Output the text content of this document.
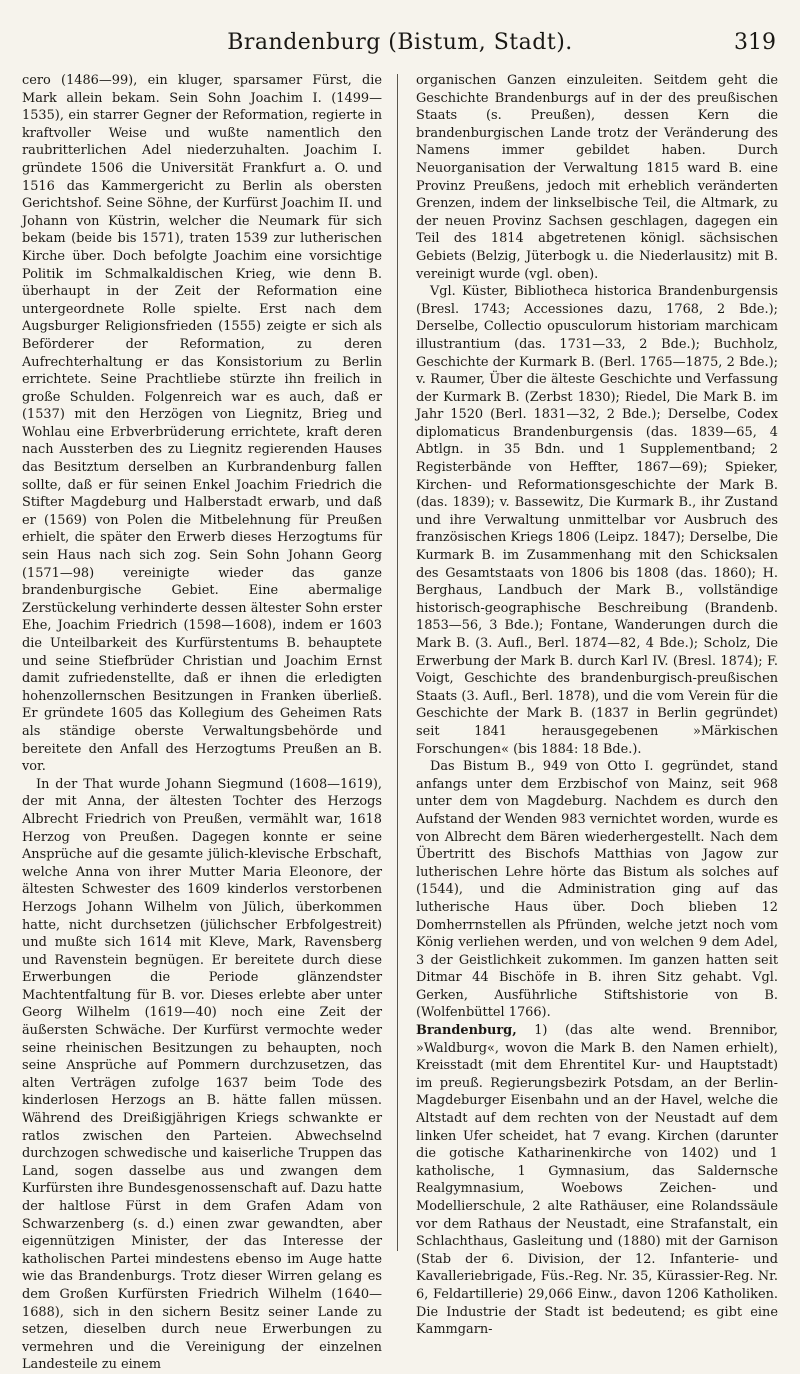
Brandenburg (Bistum, Stadt).	319

cero (1486—99), ein kluger, sparsamer Fürst, die Mark allein bekam. Sein Sohn Joachim I. (1499—1535), ein starrer Gegner der Reformation, regierte in kraftvoller Weise und wußte namentlich den raubritterlichen Adel niederzuhalten. Joachim I. gründete 1506 die Universität Frankfurt a. O. und 1516 das Kammergericht zu Berlin als obersten Gerichtshof. Seine Söhne, der Kurfürst Joachim II. und Johann von Küstrin, welcher die Neumark für sich bekam (beide bis 1571), traten 1539 zur lutherischen Kirche über. Doch befolgte Joachim eine vorsichtige Politik im Schmalkaldischen Krieg, wie denn B. überhaupt in der Zeit der Reformation eine untergeordnete Rolle spielte. Erst nach dem Augsburger Religionsfrieden (1555) zeigte er sich als Beförderer der Reformation, zu deren Aufrechterhaltung er das Konsistorium zu Berlin errichtete. Seine Prachtliebe stürzte ihn freilich in große Schulden. Folgenreich war es auch, daß er (1537) mit den Herzögen von Liegnitz, Brieg und Wohlau eine Erbverbrüderung errichtete, kraft deren nach Aussterben des zu Liegnitz regierenden Hauses das Besitztum derselben an Kurbrandenburg fallen sollte, daß er für seinen Enkel Joachim Friedrich die Stifter Magdeburg und Halberstadt erwarb, und daß er (1569) von Polen die Mitbelehnung für Preußen erhielt, die später den Erwerb dieses Herzogtums für sein Haus nach sich zog. Sein Sohn Johann Georg (1571—98) vereinigte wieder das ganze brandenburgische Gebiet. Eine abermalige Zerstückelung verhinderte dessen ältester Sohn erster Ehe, Joachim Friedrich (1598—1608), indem er 1603 die Unteilbarkeit des Kurfürstentums B. behauptete und seine Stiefbrüder Christian und Joachim Ernst damit zufriedenstellte, daß er ihnen die erledigten hohenzollernschen Besitzungen in Franken überließ. Er gründete 1605 das Kollegium des Geheimen Rats als ständige oberste Verwaltungsbehörde und bereitete den Anfall des Herzogtums Preußen an B. vor.

In der That wurde Johann Siegmund (1608—1619), der mit Anna, der ältesten Tochter des Herzogs Albrecht Friedrich von Preußen, vermählt war, 1618 Herzog von Preußen. Dagegen konnte er seine Ansprüche auf die gesamte jülich-klevische Erbschaft, welche Anna von ihrer Mutter Maria Eleonore, der ältesten Schwester des 1609 kinderlos verstorbenen Herzogs Johann Wilhelm von Jülich, überkommen hatte, nicht durchsetzen (jülichscher Erbfolgestreit) und mußte sich 1614 mit Kleve, Mark, Ravensberg und Ravenstein begnügen. Er bereitete durch diese Erwerbungen die Periode glänzendster Machtentfaltung für B. vor. Dieses erlebte aber unter Georg Wilhelm (1619—40) noch eine Zeit der äußersten Schwäche. Der Kurfürst vermochte weder seine rheinischen Besitzungen zu behaupten, noch seine Ansprüche auf Pommern durchzusetzen, das alten Verträgen zufolge 1637 beim Tode des kinderlosen Herzogs an B. hätte fallen müssen. Während des Dreißigjährigen Kriegs schwankte er ratlos zwischen den Parteien. Abwechselnd durchzogen schwedische und kaiserliche Truppen das Land, sogen dasselbe aus und zwangen dem Kurfürsten ihre Bundesgenossenschaft auf. Dazu hatte der haltlose Fürst in dem Grafen Adam von Schwarzenberg (s. d.) einen zwar gewandten, aber eigennützigen Minister, der das Interesse der katholischen Partei mindestens ebenso im Auge hatte wie das Brandenburgs. Trotz dieser Wirren gelang es dem Großen Kurfürsten Friedrich Wilhelm (1640—1688), sich in den sichern Besitz seiner Lande zu setzen, dieselben durch neue Erwerbungen zu vermehren und die Vereinigung der einzelnen Landesteile zu einem

organischen Ganzen einzuleiten. Seitdem geht die Geschichte Brandenburgs auf in der des preußischen Staats (s. Preußen), dessen Kern die brandenburgischen Lande trotz der Veränderung des Namens immer gebildet haben. Durch Neuorganisation der Verwaltung 1815 ward B. eine Provinz Preußens, jedoch mit erheblich veränderten Grenzen, indem der linkselbische Teil, die Altmark, zu der neuen Provinz Sachsen geschlagen, dagegen ein Teil des 1814 abgetretenen königl. sächsischen Gebiets (Belzig, Jüterbogk u. die Niederlausitz) mit B. vereinigt wurde (vgl. oben).

Vgl. Küster, Bibliotheca historica Brandenburgensis (Bresl. 1743; Accessiones dazu, 1768, 2 Bde.); Derselbe, Collectio opusculorum historiam marchicam illustrantium (das. 1731—33, 2 Bde.); Buchholz, Geschichte der Kurmark B. (Berl. 1765—1875, 2 Bde.); v. Raumer, Über die älteste Geschichte und Verfassung der Kurmark B. (Zerbst 1830); Riedel, Die Mark B. im Jahr 1520 (Berl. 1831—32, 2 Bde.); Derselbe, Codex diplomaticus Brandenburgensis (das. 1839—65, 4 Abtlgn. in 35 Bdn. und 1 Supplementband; 2 Registerbände von Heffter, 1867—69); Spieker, Kirchen- und Reformationsgeschichte der Mark B. (das. 1839); v. Bassewitz, Die Kurmark B., ihr Zustand und ihre Verwaltung unmittelbar vor Ausbruch des französischen Kriegs 1806 (Leipz. 1847); Derselbe, Die Kurmark B. im Zusammenhang mit den Schicksalen des Gesamtstaats von 1806 bis 1808 (das. 1860); H. Berghaus, Landbuch der Mark B., vollständige historisch-geographische Beschreibung (Brandenb. 1853—56, 3 Bde.); Fontane, Wanderungen durch die Mark B. (3. Aufl., Berl. 1874—82, 4 Bde.); Scholz, Die Erwerbung der Mark B. durch Karl IV. (Bresl. 1874); F. Voigt, Geschichte des brandenburgisch-preußischen Staats (3. Aufl., Berl. 1878), und die vom Verein für die Geschichte der Mark B. (1837 in Berlin gegründet) seit 1841 herausgegebenen »Märkischen Forschungen« (bis 1884: 18 Bde.).

Das Bistum B., 949 von Otto I. gegründet, stand anfangs unter dem Erzbischof von Mainz, seit 968 unter dem von Magdeburg. Nachdem es durch den Aufstand der Wenden 983 vernichtet worden, wurde es von Albrecht dem Bären wiederhergestellt. Nach dem Übertritt des Bischofs Matthias von Jagow zur lutherischen Lehre hörte das Bistum als solches auf (1544), und die Administration ging auf das lutherische Haus über. Doch blieben 12 Domherrnstellen als Pfründen, welche jetzt noch vom König verliehen werden, und von welchen 9 dem Adel, 3 der Geistlichkeit zukommen. Im ganzen hatten seit Ditmar 44 Bischöfe in B. ihren Sitz gehabt. Vgl. Gerken, Ausführliche Stiftshistorie von B. (Wolfenbüttel 1766).

Brandenburg, 1) (das alte wend. Brennibor, »Waldburg«, wovon die Mark B. den Namen erhielt), Kreisstadt (mit dem Ehrentitel Kur- und Hauptstadt) im preuß. Regierungsbezirk Potsdam, an der Berlin-Magdeburger Eisenbahn und an der Havel, welche die Altstadt auf dem rechten von der Neustadt auf dem linken Ufer scheidet, hat 7 evang. Kirchen (darunter die gotische Katharinenkirche von 1402) und 1 katholische, 1 Gymnasium, das Saldernsche Realgymnasium, Woebows Zeichen- und Modellierschule, 2 alte Rathäuser, eine Rolandssäule vor dem Rathaus der Neustadt, eine Strafanstalt, ein Schlachthaus, Gasleitung und (1880) mit der Garnison (Stab der 6. Division, der 12. Infanterie- und Kavalleriebrigade, Füs.-Reg. Nr. 35, Kürassier-Reg. Nr. 6, Feldartillerie) 29,066 Einw., davon 1206 Katholiken. Die Industrie der Stadt ist bedeutend; es gibt eine Kammgarn-
